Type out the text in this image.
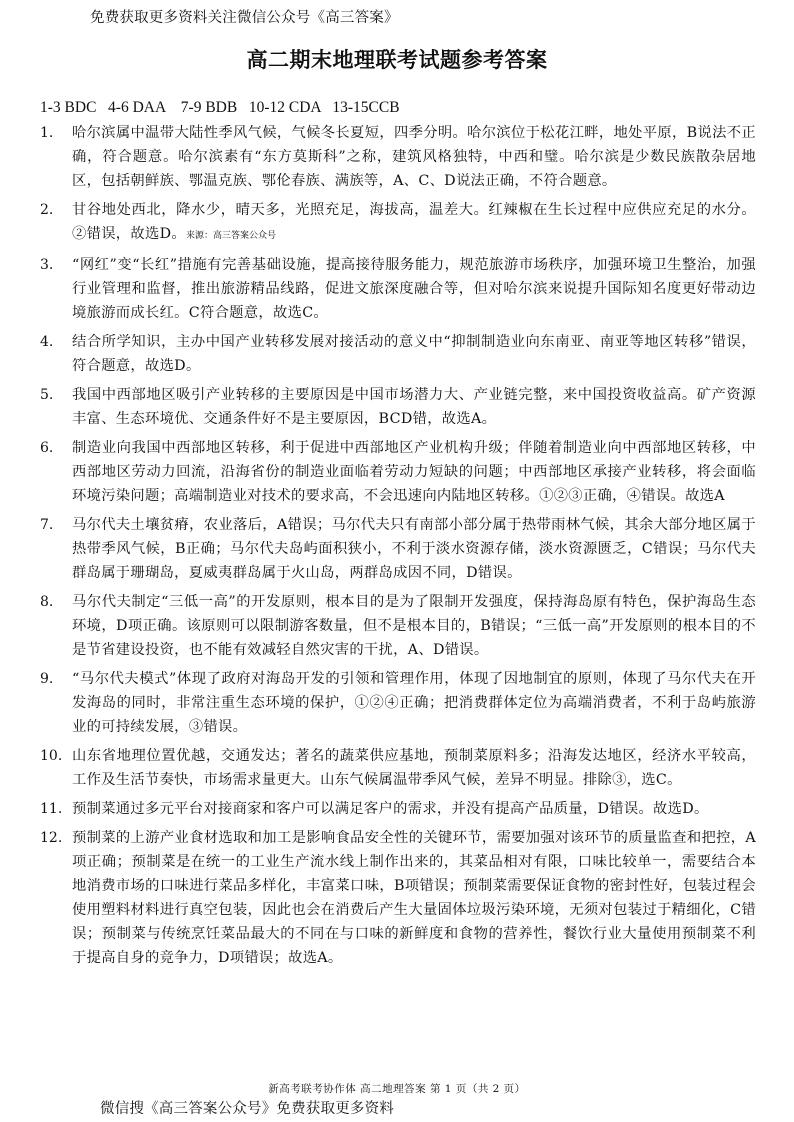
免费获取更多资料关注微信公众号《高三答案》
高二期末地理联考试题参考答案
1-3 BDC   4-6 DAA    7-9 BDB   10-12 CDA   13-15CCB
1.	哈尔滨属中温带大陆性季风气候，气候冬长夏短，四季分明。哈尔滨位于松花江畔，地处平原，B说法不正确，符合题意。哈尔滨素有“东方莫斯科”之称，建筑风格独特，中西和璧。哈尔滨是少数民族散杂居地区，包括朝鲜族、鄂温克族、鄂伦春族、满族等，A、C、D说法正确，不符合题意。
2.	甘谷地处西北，降水少，晴天多，光照充足，海拔高，温差大。红辣椒在生长过程中应供应充足的水分。②错误，故选D。来源：高三答案公众号
3.	“网红”变“长红”措施有完善基础设施，提高接待服务能力，规范旅游市场秩序，加强环境卫生整治，加强行业管理和监督，推出旅游精品线路，促进文旅深度融合等，但对哈尔滨来说提升国际知名度更好带动边境旅游而成长红。C符合题意，故选C。
4.	结合所学知识，主办中国产业转移发展对接活动的意义中“抑制制造业向东南亚、南亚等地区转移”错误，符合题意，故选D。
5.	我国中西部地区吸引产业转移的主要原因是中国市场潜力大、产业链完整，来中国投资收益高。矿产资源丰富、生态环境优、交通条件好不是主要原因，BCD错，故选A。
6.	制造业向我国中西部地区转移，利于促进中西部地区产业机构升级；伴随着制造业向中西部地区转移，中西部地区劳动力回流，沿海省份的制造业面临着劳动力短缺的问题；中西部地区承接产业转移，将会面临环境污染问题；高端制造业对技术的要求高，不会迅速向内陆地区转移。①②③正确，④错误。故选A
7.	马尔代夫土壤贫瘠，农业落后，A错误；马尔代夫只有南部小部分属于热带雨林气候，其余大部分地区属于热带季风气候，B正确；马尔代夫岛屿面积狭小，不利于淡水资源存储，淡水资源匮乏，C错误；马尔代夫群岛属于珊瑚岛，夏威夷群岛属于火山岛，两群岛成因不同，D错误。
8.	马尔代夫制定“三低一高”的开发原则，根本目的是为了限制开发强度，保持海岛原有特色，保护海岛生态环境，D项正确。该原则可以限制游客数量，但不是根本目的，B错误；“三低一高”开发原则的根本目的不是节省建设投资，也不能有效减轻自然灾害的干扰，A、D错误。
9.	“马尔代夫模式”体现了政府对海岛开发的引领和管理作用，体现了因地制宜的原则，体现了马尔代夫在开发海岛的同时，非常注重生态环境的保护，①②④正确；把消费群体定位为高端消费者，不利于岛屿旅游业的可持续发展，③错误。
10. 山东省地理位置优越，交通发达；著名的蔬菜供应基地，预制菜原料多；沿海发达地区，经济水平较高，工作及生活节奏快，市场需求量更大。山东气候属温带季风气候，差异不明显。排除③，选C。
11. 预制菜通过多元平台对接商家和客户可以满足客户的需求，并没有提高产品质量，D错误。故选D。
12. 预制菜的上游产业食材选取和加工是影响食品安全性的关键环节，需要加强对该环节的质量监查和把控，A项正确；预制菜是在统一的工业生产流水线上制作出来的，其菜品相对有限，口味比较单一，需要结合本地消费市场的口味进行菜品多样化，丰富菜口味，B项错误；预制菜需要保证食物的密封性好，包装过程会使用塑料材料进行真空包装，因此也会在消费后产生大量固体垃圾污染环境，无须对包装过于精细化，C错误；预制菜与传统烹饪菜品最大的不同在与口味的新鲜度和食物的营养性，餐饮行业大量使用预制菜不利于提高自身的竞争力，D项错误；故选A。
新高考联考协作体 高二地理答案 第 1 页（共 2 页）
微信搜《高三答案公众号》免费获取更多资料
